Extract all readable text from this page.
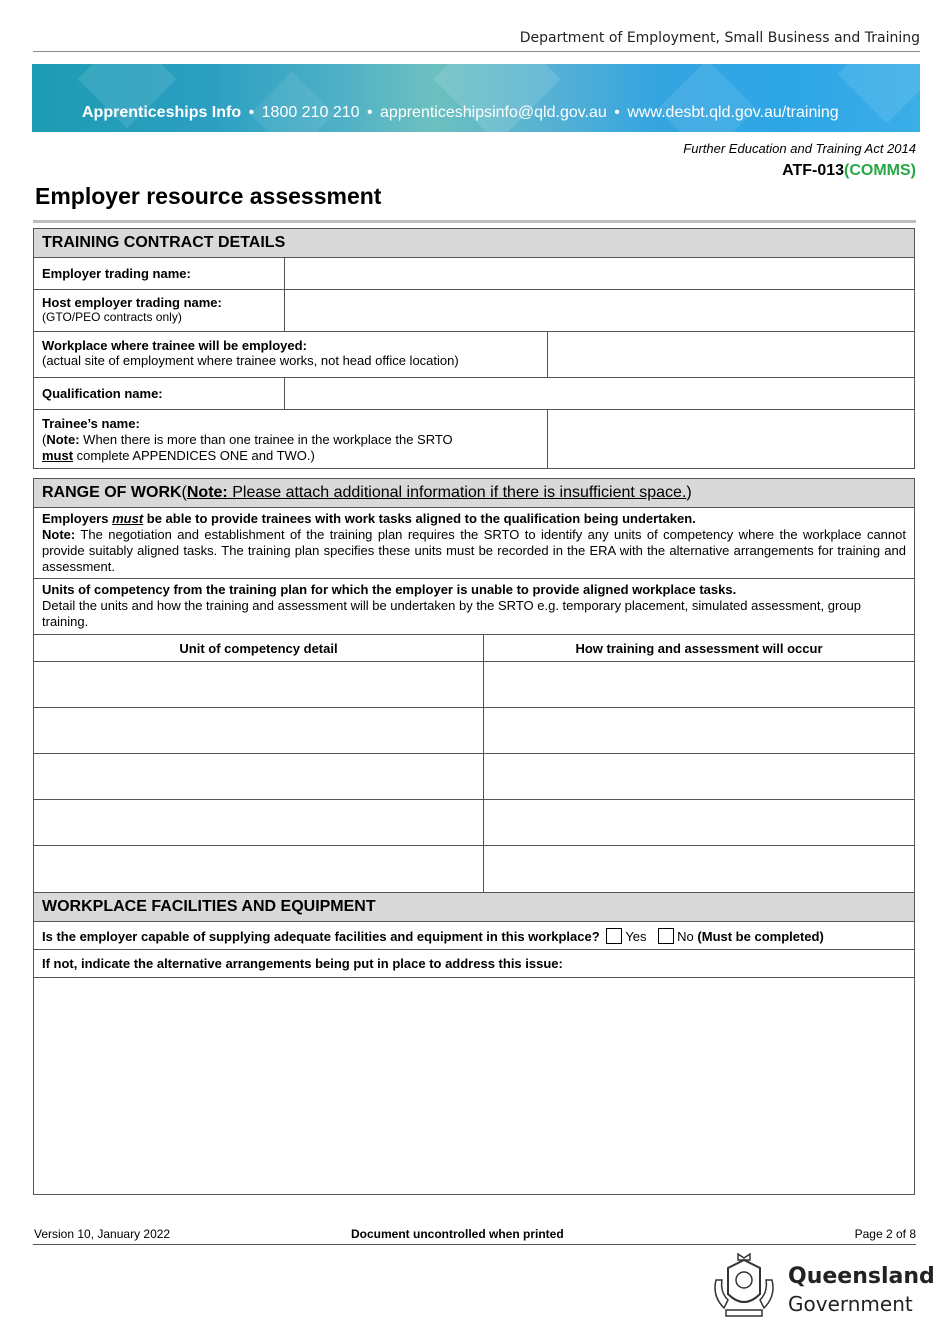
Department of Employment, Small Business and Training
Apprenticeships Info • 1800 210 210 • apprenticeshipsinfo@qld.gov.au • www.desbt.qld.gov.au/training
Further Education and Training Act 2014
ATF-013(COMMS)
Employer resource assessment
TRAINING CONTRACT DETAILS
Employer trading name:
Host employer trading name:
(GTO/PEO contracts only)
Workplace where trainee will be employed:
(actual site of employment where trainee works, not head office location)
Qualification name:
Trainee’s name:
(Note: When there is more than one trainee in the workplace the SRTO
must complete APPENDICES ONE and TWO.)
RANGE OF WORK ( Note: Please attach additional information if there is insufficient space. )
Employers must be able to provide trainees with work tasks aligned to the qualification being undertaken.
Note: The negotiation and establishment of the training plan requires the SRTO to identify any units of competency where the workplace cannot provide suitably aligned tasks. The training plan specifies these units must be recorded in the ERA with the alternative arrangements for training and assessment.
Units of competency from the training plan for which the employer is unable to provide aligned workplace tasks.
Detail the units and how the training and assessment will be undertaken by the SRTO e.g. temporary placement, simulated assessment, group training.
Unit of competency detail	How training and assessment will occur
WORKPLACE FACILITIES AND EQUIPMENT
Is the employer capable of supplying adequate facilities and equipment in this workplace? Yes No (Must be completed)
If not, indicate the alternative arrangements being put in place to address this issue:
Version 10, January 2022	Document uncontrolled when printed	Page 2 of 8
Queensland
Government
